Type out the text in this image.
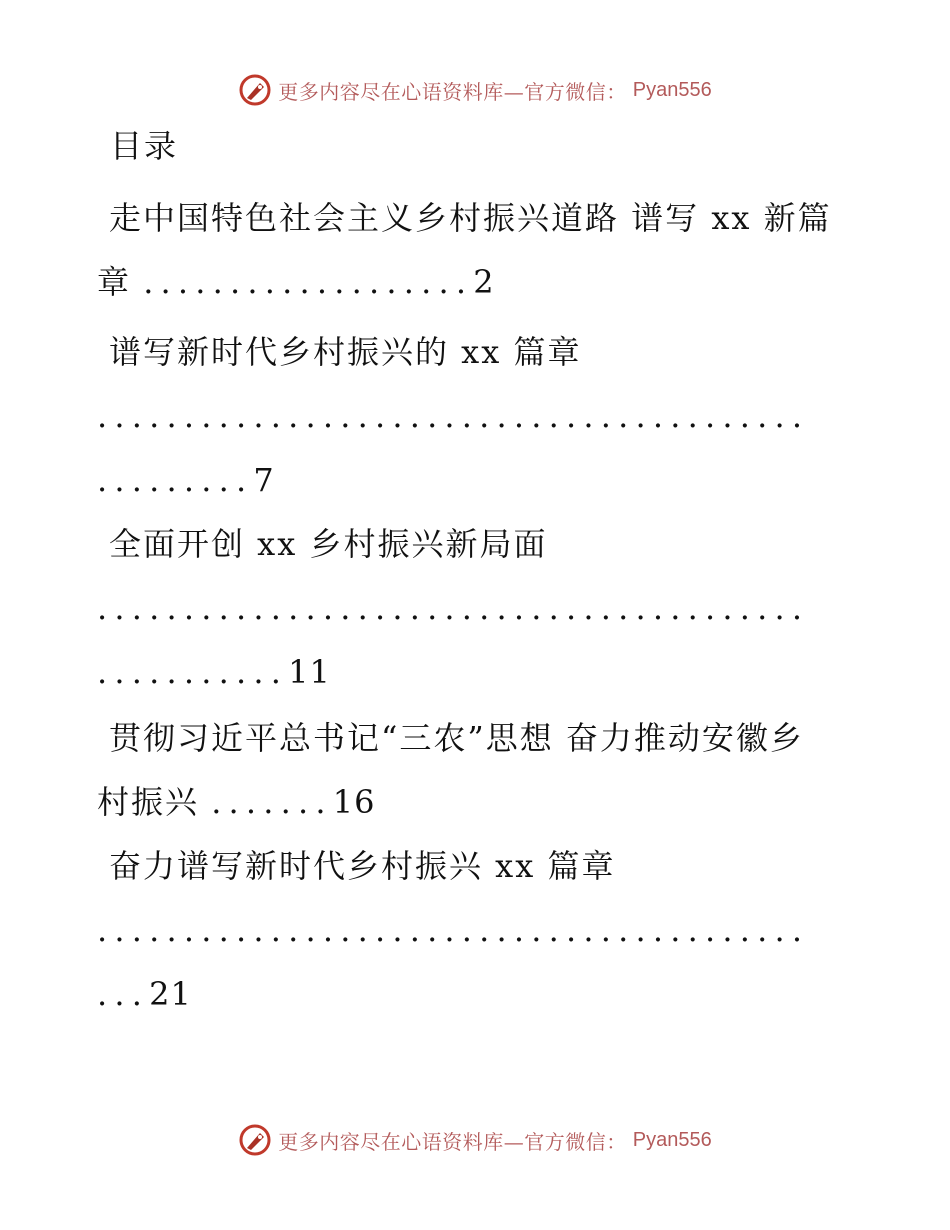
更多内容尽在心语资料库—官方微信： Pyan556
目录
走中国特色社会主义乡村振兴道路 谱写 xx 新篇
章 ...................2
谱写新时代乡村振兴的 xx 篇章
.........................................
.........7
全面开创 xx 乡村振兴新局面
.........................................
...........11
贯彻习近平总书记“三农”思想 奋力推动安徽乡
村振兴 .......16
奋力谱写新时代乡村振兴 xx 篇章
.........................................
...21
更多内容尽在心语资料库—官方微信： Pyan556
